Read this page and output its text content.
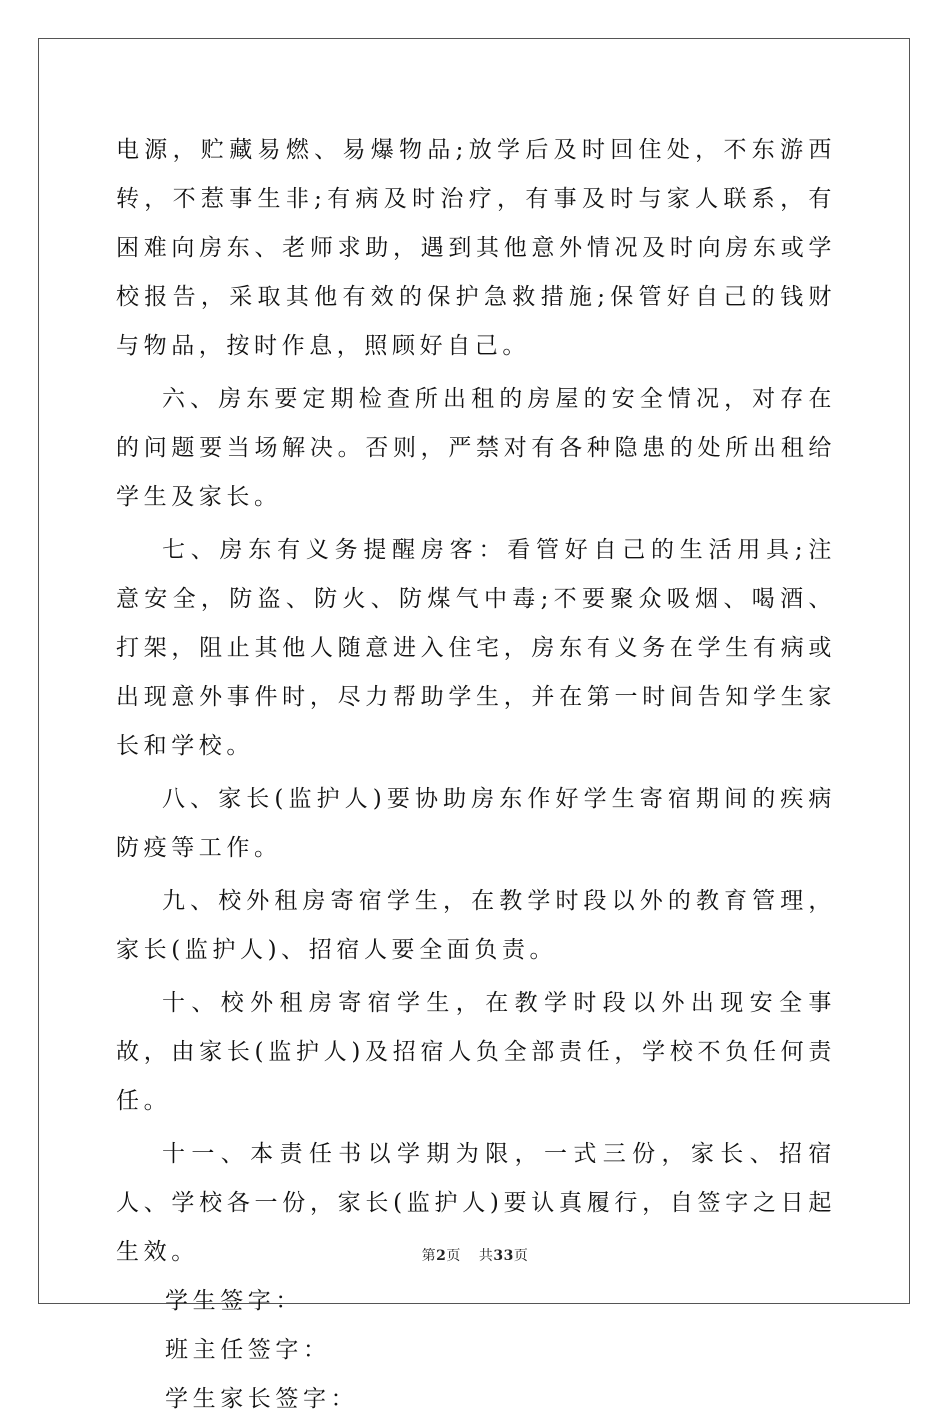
电源，贮藏易燃、易爆物品;放学后及时回住处，不东游西转，不惹事生非;有病及时治疗，有事及时与家人联系，有困难向房东、老师求助，遇到其他意外情况及时向房东或学校报告，采取其他有效的保护急救措施;保管好自己的钱财与物品，按时作息，照顾好自己。

六、房东要定期检查所出租的房屋的安全情况，对存在的问题要当场解决。否则，严禁对有各种隐患的处所出租给学生及家长。

七、房东有义务提醒房客：看管好自己的生活用具;注意安全，防盗、防火、防煤气中毒;不要聚众吸烟、喝酒、打架，阻止其他人随意进入住宅，房东有义务在学生有病或出现意外事件时，尽力帮助学生，并在第一时间告知学生家长和学校。

八、家长(监护人)要协助房东作好学生寄宿期间的疾病防疫等工作。

九、校外租房寄宿学生，在教学时段以外的教育管理，家长(监护人)、招宿人要全面负责。

十、校外租房寄宿学生，在教学时段以外出现安全事故，由家长(监护人)及招宿人负全部责任，学校不负任何责任。

十一、本责任书以学期为限，一式三份，家长、招宿人、学校各一份，家长(监护人)要认真履行，自签字之日起生效。

学生签字：

班主任签字：

学生家长签字：

第2页 共33页
